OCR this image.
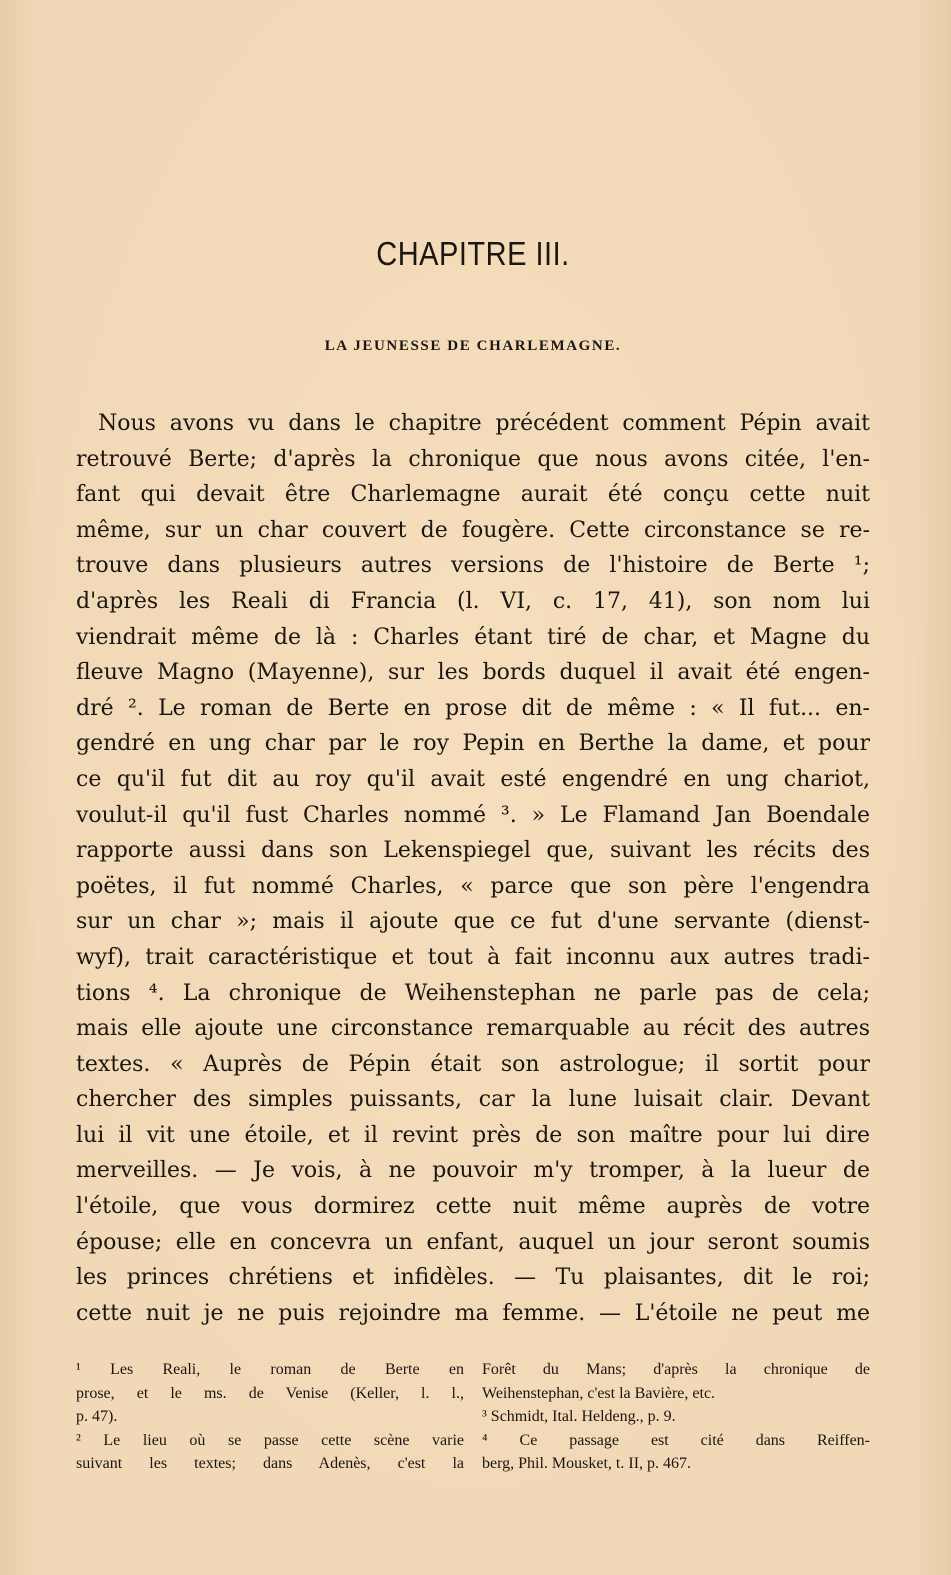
CHAPITRE III.
LA JEUNESSE DE CHARLEMAGNE.
Nous avons vu dans le chapitre précédent comment Pépin avait
retrouvé Berte; d'après la chronique que nous avons citée, l'en-
fant qui devait être Charlemagne aurait été conçu cette nuit
même, sur un char couvert de fougère. Cette circonstance se re-
trouve dans plusieurs autres versions de l'histoire de Berte ¹;
d'après les Reali di Francia (l. VI, c. 17, 41), son nom lui
viendrait même de là : Charles étant tiré de char, et Magne du
fleuve Magno (Mayenne), sur les bords duquel il avait été engen-
dré ². Le roman de Berte en prose dit de même : « Il fut... en-
gendré en ung char par le roy Pepin en Berthe la dame, et pour
ce qu'il fut dit au roy qu'il avait esté engendré en ung chariot,
voulut-il qu'il fust Charles nommé ³. » Le Flamand Jan Boendale
rapporte aussi dans son Lekenspiegel que, suivant les récits des
poëtes, il fut nommé Charles, « parce que son père l'engendra
sur un char »; mais il ajoute que ce fut d'une servante (dienst-
wyf), trait caractéristique et tout à fait inconnu aux autres tradi-
tions ⁴. La chronique de Weihenstephan ne parle pas de cela;
mais elle ajoute une circonstance remarquable au récit des autres
textes. « Auprès de Pépin était son astrologue; il sortit pour
chercher des simples puissants, car la lune luisait clair. Devant
lui il vit une étoile, et il revint près de son maître pour lui dire
merveilles. — Je vois, à ne pouvoir m'y tromper, à la lueur de
l'étoile, que vous dormirez cette nuit même auprès de votre
épouse; elle en concevra un enfant, auquel un jour seront soumis
les princes chrétiens et infidèles. — Tu plaisantes, dit le roi;
cette nuit je ne puis rejoindre ma femme. — L'étoile ne peut me
¹ Les Reali, le roman de Berte en
prose, et le ms. de Venise (Keller, l. l.,
p. 47).
² Le lieu où se passe cette scène varie
suivant les textes; dans Adenès, c'est la
Forêt du Mans; d'après la chronique de
Weihenstephan, c'est la Bavière, etc.
³ Schmidt, Ital. Heldeng., p. 9.
⁴ Ce passage est cité dans Reiffen-
berg, Phil. Mousket, t. II, p. 467.
